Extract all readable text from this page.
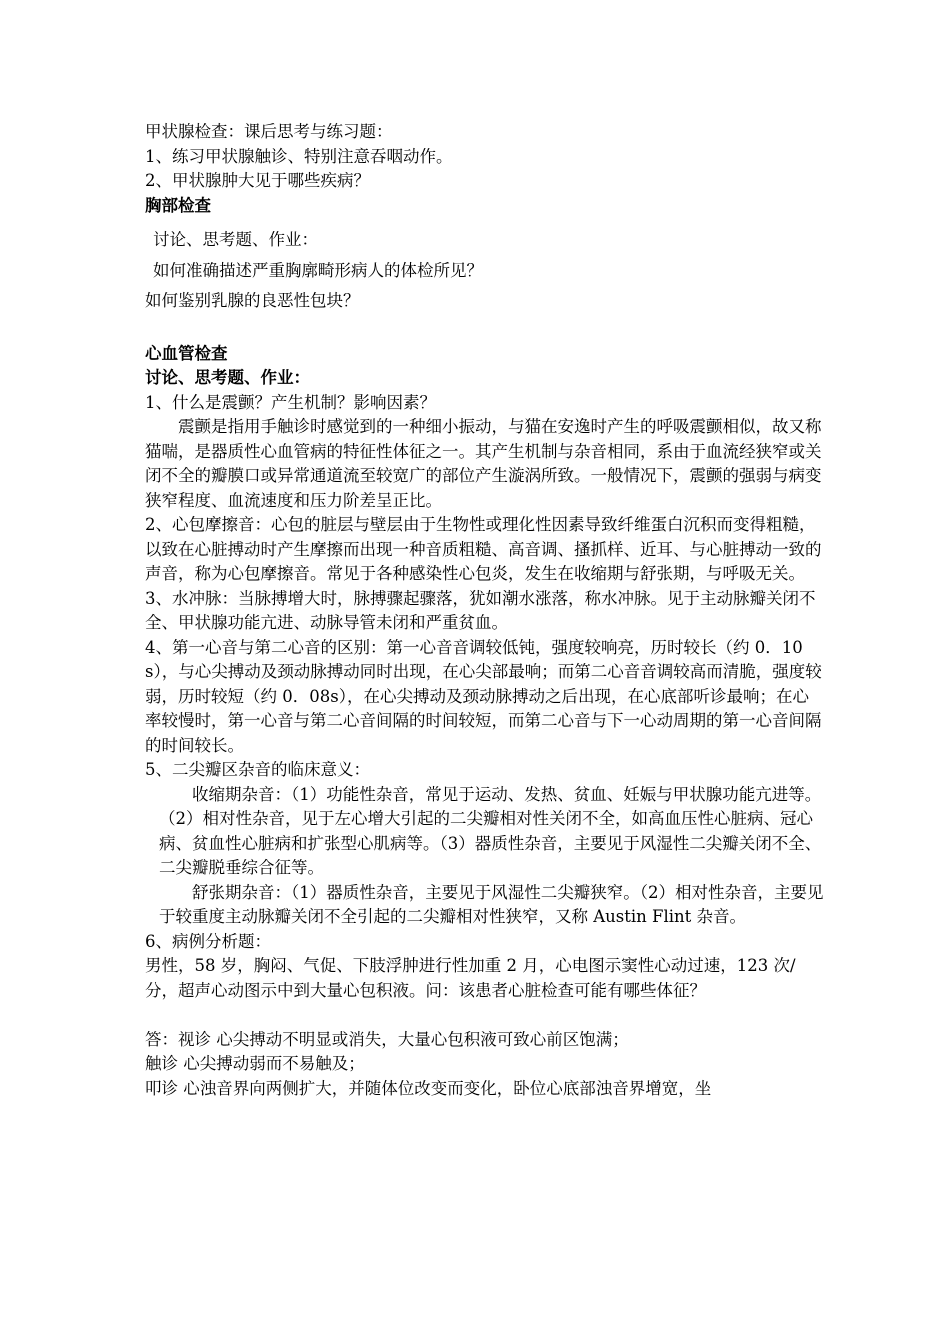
甲状腺检查：课后思考与练习题：

1、练习甲状腺触诊、特别注意吞咽动作。

2、甲状腺肿大见于哪些疾病？

胸部检查

讨论、思考题、作业：

如何准确描述严重胸廓畸形病人的体检所见？

如何鉴别乳腺的良恶性包块？

心血管检查

讨论、思考题、作业：

1、什么是震颤？产生机制？影响因素？

震颤是指用手触诊时感觉到的一种细小振动，与猫在安逸时产生的呼吸震颤相似，故又称猫喘，是器质性心血管病的特征性体征之一。其产生机制与杂音相同，系由于血流经狭窄或关闭不全的瓣膜口或异常通道流至较宽广的部位产生漩涡所致。一般情况下，震颤的强弱与病变狭窄程度、血流速度和压力阶差呈正比。

2、心包摩擦音：心包的脏层与壁层由于生物性或理化性因素导致纤维蛋白沉积而变得粗糙，以致在心脏搏动时产生摩擦而出现一种音质粗糙、高音调、搔抓样、近耳、与心脏搏动一致的声音，称为心包摩擦音。常见于各种感染性心包炎，发生在收缩期与舒张期，与呼吸无关。

3、水冲脉：当脉搏增大时，脉搏骤起骤落，犹如潮水涨落，称水冲脉。见于主动脉瓣关闭不全、甲状腺功能亢进、动脉导管未闭和严重贫血。

4、第一心音与第二心音的区别：第一心音音调较低钝，强度较响亮，历时较长（约 0．10s），与心尖搏动及颈动脉搏动同时出现，在心尖部最响；而第二心音音调较高而清脆，强度较弱，历时较短（约 0．08s），在心尖搏动及颈动脉搏动之后出现，在心底部听诊最响；在心率较慢时，第一心音与第二心音间隔的时间较短，而第二心音与下一心动周期的第一心音间隔的时间较长。

5、二尖瓣区杂音的临床意义：

收缩期杂音：（1）功能性杂音，常见于运动、发热、贫血、妊娠与甲状腺功能亢进等。（2）相对性杂音，见于左心增大引起的二尖瓣相对性关闭不全，如高血压性心脏病、冠心病、贫血性心脏病和扩张型心肌病等。（3）器质性杂音，主要见于风湿性二尖瓣关闭不全、二尖瓣脱垂综合征等。

舒张期杂音：（1）器质性杂音，主要见于风湿性二尖瓣狭窄。（2）相对性杂音，主要见于较重度主动脉瓣关闭不全引起的二尖瓣相对性狭窄，又称 Austin Flint 杂音。

6、病例分析题：

男性，58 岁，胸闷、气促、下肢浮肿进行性加重 2 月，心电图示窦性心动过速，123 次/分，超声心动图示中到大量心包积液。问：该患者心脏检查可能有哪些体征？

答：视诊 心尖搏动不明显或消失，大量心包积液可致心前区饱满；

触诊 心尖搏动弱而不易触及；

叩诊 心浊音界向两侧扩大，并随体位改变而变化，卧位心底部浊音界增宽，坐
